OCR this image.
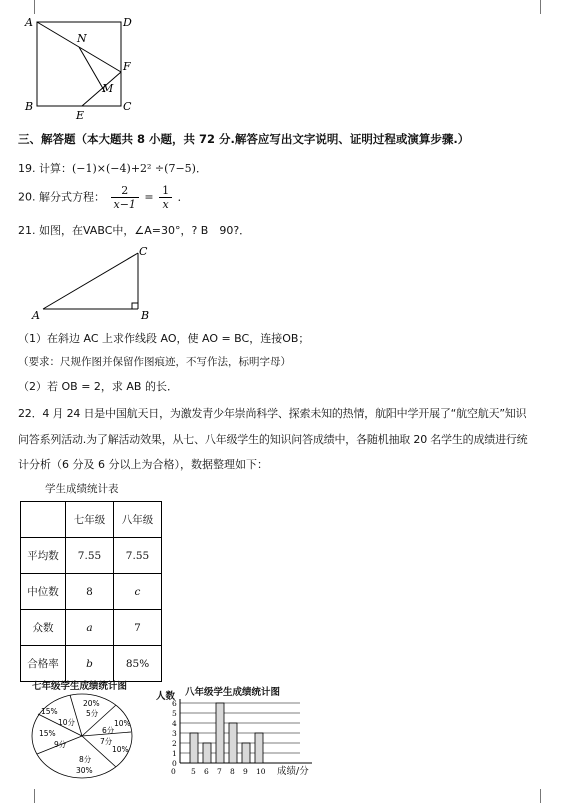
A	D
B	C
N
F
M
E
三、解答题（本大题共 8 小题，共 72 分.解答应写出文字说明、证明过程或演算步骤.）
19. 计算：(−1)×(−4)+2² ÷(7−5)．
20. 解分式方程： $\frac{2}{x-1} = \frac{1}{x}$ ．
21. 如图，在VABC中，∠A=30°，? B　90?．
A	B
C
（1）在斜边 AC 上求作线段 AO，使 AO = BC，连接OB；
（要求：尺规作图并保留作图痕迹，不写作法，标明字母）
（2）若 OB = 2，求 AB 的长．
22．4 月 24 日是中国航天日，为激发青少年崇尚科学、探索未知的热情，航阳中学开展了“航空航天”知识
问答系列活动.为了解活动效果，从七、八年级学生的知识问答成绩中，各随机抽取 20 名学生的成绩进行统
计分析（6 分及 6 分以上为合格），数据整理如下：
学生成绩统计表
	七年级	八年级
平均数	7.55	7.55
中位数	8	c
众数	a	7
合格率	b	85%
七年级学生成绩统计图
20%
5分
10%
6分
7分
10%
8分
30%
15%
9分
15%
10分
八年级学生成绩统计图
人数
0
1
2
3
4
5
6
0 5 6 7 8 9 10 成绩/分
